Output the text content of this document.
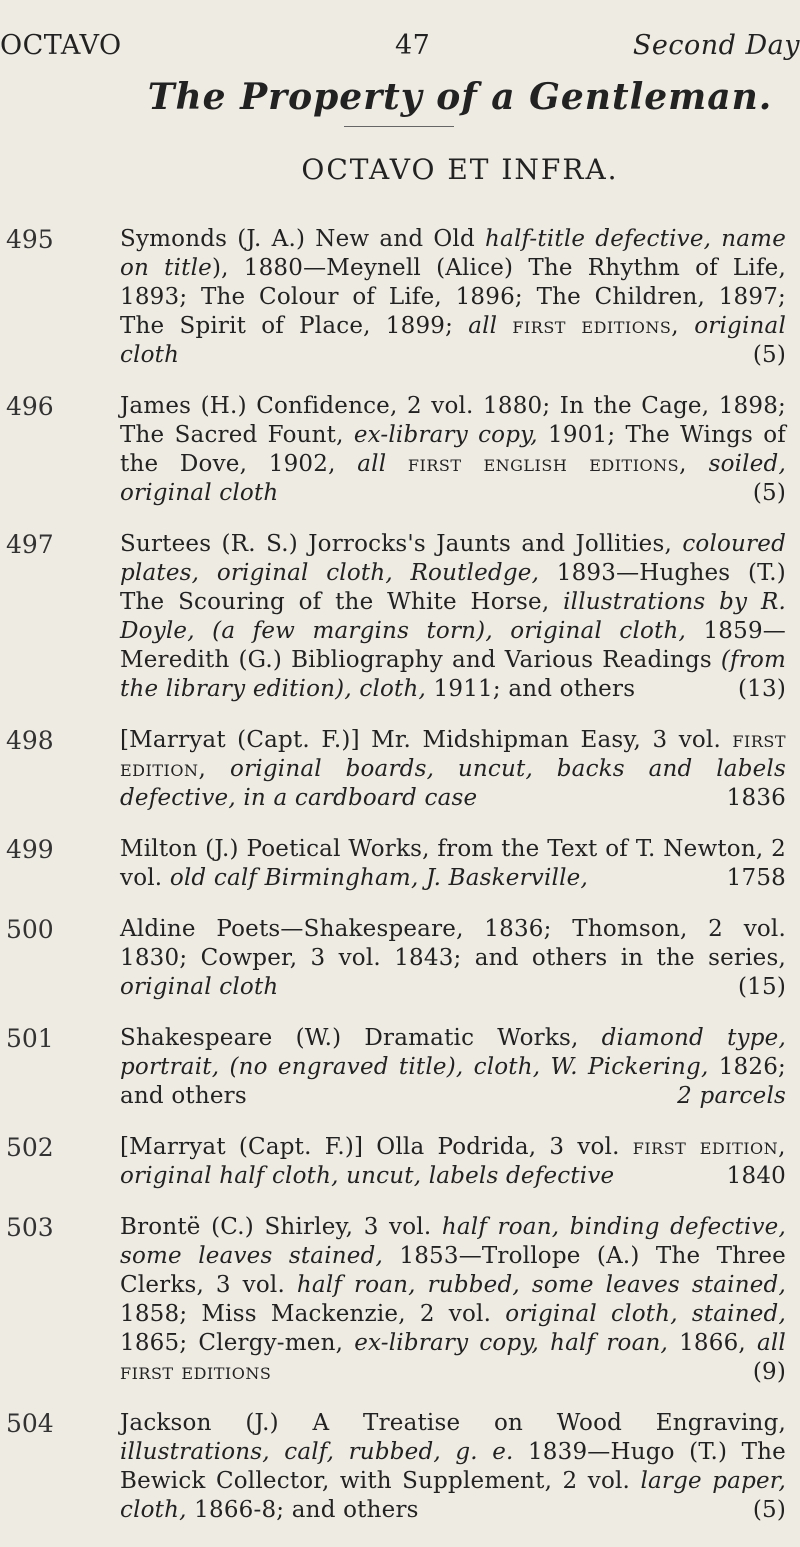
OCTAVO	47	Second Day
The Property of a Gentleman.
OCTAVO ET INFRA.
495	Symonds (J. A.) New and Old half-title defective, name on title), 1880—Meynell (Alice) The Rhythm of Life, 1893; The Colour of Life, 1896; The Children, 1897; The Spirit of Place, 1899; all first editions, original cloth	(5)
496	James (H.) Confidence, 2 vol. 1880; In the Cage, 1898; The Sacred Fount, ex-library copy, 1901; The Wings of the Dove, 1902, all first english editions, soiled, original cloth	(5)
497	Surtees (R. S.) Jorrocks's Jaunts and Jollities, coloured plates, original cloth, Routledge, 1893—Hughes (T.) The Scouring of the White Horse, illustrations by R. Doyle, (a few margins torn), original cloth, 1859—Meredith (G.) Bibliography and Various Readings (from the library edition), cloth, 1911; and others	(13)
498	[Marryat (Capt. F.)] Mr. Midshipman Easy, 3 vol. first edition, original boards, uncut, backs and labels defective, in a cardboard case	1836
499	Milton (J.) Poetical Works, from the Text of T. Newton, 2 vol. old calf Birmingham, J. Baskerville,	1758
500	Aldine Poets—Shakespeare, 1836; Thomson, 2 vol. 1830; Cowper, 3 vol. 1843; and others in the series, original cloth	(15)
501	Shakespeare (W.) Dramatic Works, diamond type, portrait, (no engraved title), cloth, W. Pickering, 1826; and others	2 parcels
502	[Marryat (Capt. F.)] Olla Podrida, 3 vol. first edition, original half cloth, uncut, labels defective	1840
503	Brontë (C.) Shirley, 3 vol. half roan, binding defective, some leaves stained, 1853—Trollope (A.) The Three Clerks, 3 vol. half roan, rubbed, some leaves stained, 1858; Miss Mackenzie, 2 vol. original cloth, stained, 1865; Clergy-men, ex-library copy, half roan, 1866, all first editions	(9)
504	Jackson (J.) A Treatise on Wood Engraving, illustrations, calf, rubbed, g. e. 1839—Hugo (T.) The Bewick Collector, with Supplement, 2 vol. large paper, cloth, 1866-8; and others	(5)
